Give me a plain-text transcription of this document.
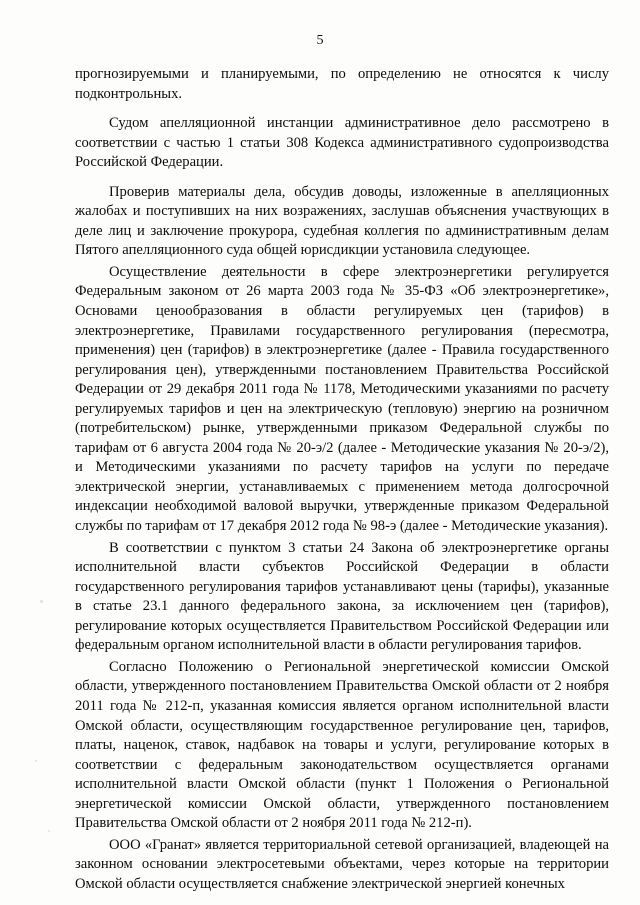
5

прогнозируемыми и планируемыми, по определению не относятся к числу подконтрольных.

Судом апелляционной инстанции административное дело рассмотрено в соответствии с частью 1 статьи 308 Кодекса административного судопроизводства Российской Федерации.

Проверив материалы дела, обсудив доводы, изложенные в апелляционных жалобах и поступивших на них возражениях, заслушав объяснения участвующих в деле лиц и заключение прокурора, судебная коллегия по административным делам Пятого апелляционного суда общей юрисдикции установила следующее.

Осуществление деятельности в сфере электроэнергетики регулируется Федеральным законом от 26 марта 2003 года № 35-ФЗ «Об электроэнергетике», Основами ценообразования в области регулируемых цен (тарифов) в электроэнергетике, Правилами государственного регулирования (пересмотра, применения) цен (тарифов) в электроэнергетике (далее - Правила государственного регулирования цен), утвержденными постановлением Правительства Российской Федерации от 29 декабря 2011 года № 1178, Методическими указаниями по расчету регулируемых тарифов и цен на электрическую (тепловую) энергию на розничном (потребительском) рынке, утвержденными приказом Федеральной службы по тарифам от 6 августа 2004 года № 20-э/2 (далее - Методические указания № 20-э/2), и Методическими указаниями по расчету тарифов на услуги по передаче электрической энергии, устанавливаемых с применением метода долгосрочной индексации необходимой валовой выручки, утвержденные приказом Федеральной службы по тарифам от 17 декабря 2012 года № 98-э (далее - Методические указания).

В соответствии с пунктом 3 статьи 24 Закона об электроэнергетике органы исполнительной власти субъектов Российской Федерации в области государственного регулирования тарифов устанавливают цены (тарифы), указанные в статье 23.1 данного федерального закона, за исключением цен (тарифов), регулирование которых осуществляется Правительством Российской Федерации или федеральным органом исполнительной власти в области регулирования тарифов.

Согласно Положению о Региональной энергетической комиссии Омской области, утвержденного постановлением Правительства Омской области от 2 ноября 2011 года № 212-п, указанная комиссия является органом исполнительной власти Омской области, осуществляющим государственное регулирование цен, тарифов, платы, наценок, ставок, надбавок на товары и услуги, регулирование которых в соответствии с федеральным законодательством осуществляется органами исполнительной власти Омской области (пункт 1 Положения о Региональной энергетической комиссии Омской области, утвержденного постановлением Правительства Омской области от 2 ноября 2011 года № 212-п).

ООО «Гранат» является территориальной сетевой организацией, владеющей на законном основании электросетевыми объектами, через которые на территории Омской области осуществляется снабжение электрической энергией конечных
